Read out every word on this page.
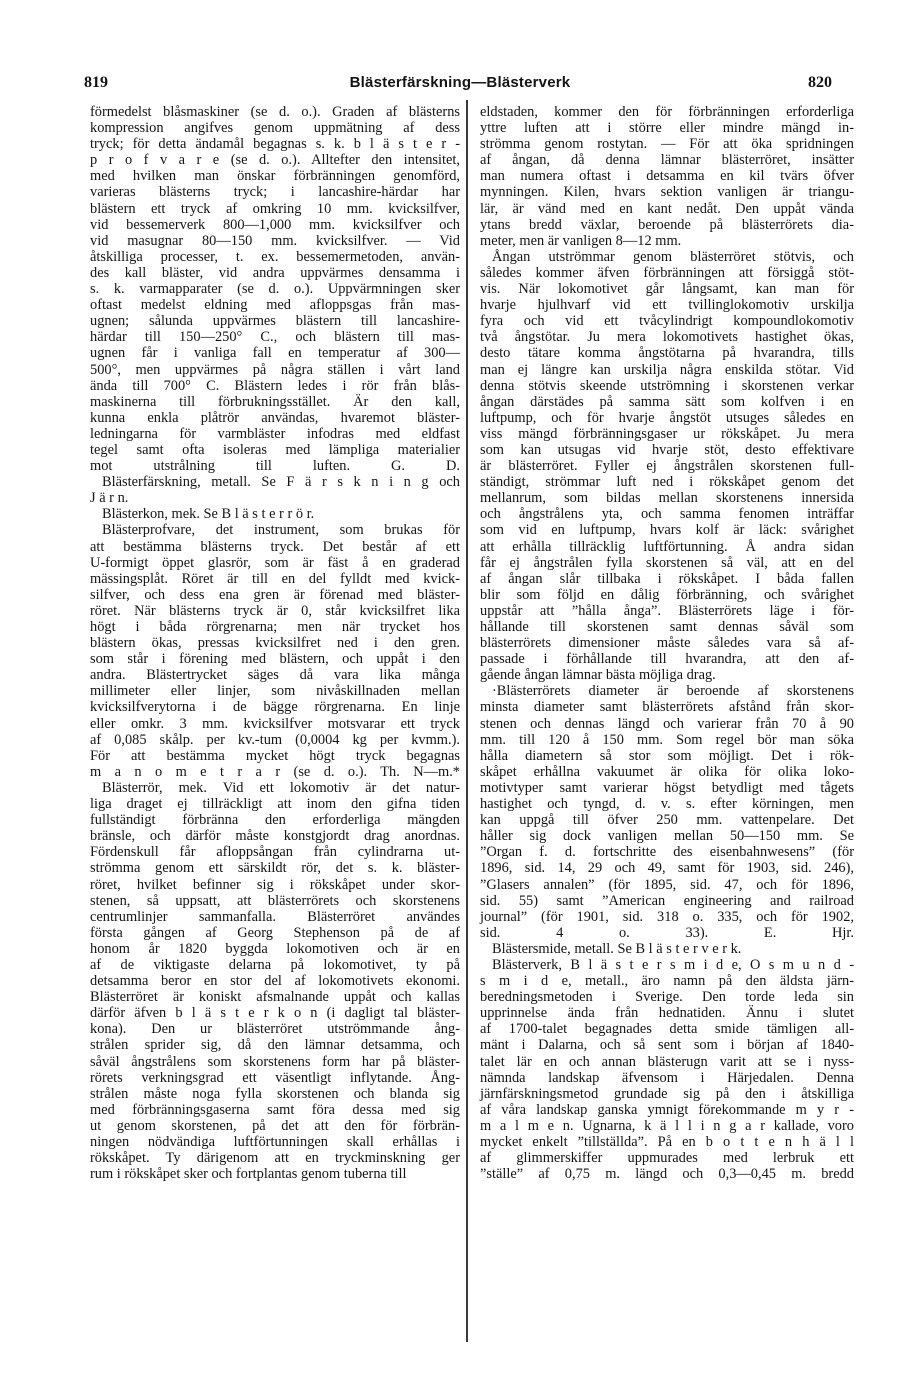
819	Blästerfärskning—Blästerverk	820
förmedelst blåsmaskiner (se d. o.). Graden af blästerns
kompression angifves genom uppmätning af dess
tryck; för detta ändamål begagnas s. k. b l ä s t e r -
p r o f v a r e (se d. o.). Alltefter den intensitet,
med hvilken man önskar förbränningen genomförd,
varieras blästerns tryck; i lancashire-härdar har
blästern ett tryck af omkring 10 mm. kvicksilfver,
vid bessemerverk 800—1,000 mm. kvicksilfver och
vid masugnar 80—150 mm. kvicksilfver. — Vid
åtskilliga processer, t. ex. bessemermetoden, använ-
des kall bläster, vid andra uppvärmes densamma i
s. k. varmapparater (se d. o.). Uppvärmningen sker
oftast medelst eldning med afloppsgas från mas-
ugnen; sålunda uppvärmes blästern till lancashire-
härdar till 150—250° C., och blästern till mas-
ugnen får i vanliga fall en temperatur af 300—
500°, men uppvärmes på några ställen i vårt land
ända till 700° C. Blästern ledes i rör från blås-
maskinerna till förbrukningsstället. Är den kall,
kunna enkla plåtrör användas, hvaremot bläster-
ledningarna för varmbläster infodras med eldfast
tegel samt ofta isoleras med lämpliga materialier
mot utstrålning till luften. G. D.
Blästerfärskning, metall. Se F ä r s k n i n g och
J ä r n.
Blästerkon, mek. Se B l ä s t e r r ö r.
Blästerprofvare, det instrument, som brukas för
att bestämma blästerns tryck. Det består af ett
U-formigt öppet glasrör, som är fäst å en graderad
mässingsplåt. Röret är till en del fylldt med kvick-
silfver, och dess ena gren är förenad med bläster-
röret. När blästerns tryck är 0, står kvicksilfret lika
högt i båda rörgrenarna; men när trycket hos
blästern ökas, pressas kvicksilfret ned i den gren.
som står i förening med blästern, och uppåt i den
andra. Blästertrycket säges då vara lika många
millimeter eller linjer, som nivåskillnaden mellan
kvicksilfverytorna i de bägge rörgrenarna. En linje
eller omkr. 3 mm. kvicksilfver motsvarar ett tryck
af 0,085 skålp. per kv.-tum (0,0004 kg per kvmm.).
För att bestämma mycket högt tryck begagnas
m a n o m e t r a r (se d. o.). Th. N—m.*
Blästerrör, mek. Vid ett lokomotiv är det natur-
liga draget ej tillräckligt att inom den gifna tiden
fullständigt förbränna den erforderliga mängden
bränsle, och därför måste konstgjordt drag anordnas.
Fördenskull får afloppsångan från cylindrarna ut-
strömma genom ett särskildt rör, det s. k. bläster-
röret, hvilket befinner sig i rökskåpet under skor-
stenen, så uppsatt, att blästerrörets och skorstenens
centrumlinjer sammanfalla. Blästerröret användes
första gången af Georg Stephenson på de af
honom år 1820 byggda lokomotiven och är en
af de viktigaste delarna på lokomotivet, ty på
detsamma beror en stor del af lokomotivets ekonomi.
Blästerröret är koniskt afsmalnande uppåt och kallas
därför äfven b l ä s t e r k o n (i dagligt tal bläster-
kona). Den ur blästerröret utströmmande ång-
strålen sprider sig, då den lämnar detsamma, och
såväl ångstrålens som skorstenens form har på bläster-
rörets verkningsgrad ett väsentligt inflytande. Ång-
strålen måste noga fylla skorstenen och blanda sig
med förbränningsgaserna samt föra dessa med sig
ut genom skorstenen, på det att den för förbrän-
ningen nödvändiga luftförtunningen skall erhållas i
rökskåpet. Ty därigenom att en tryckminskning ger
rum i rökskåpet sker och fortplantas genom tuberna till
eldstaden, kommer den för förbränningen erforderliga
yttre luften att i större eller mindre mängd in-
strömma genom rostytan. — För att öka spridningen
af ångan, då denna lämnar blästerröret, insätter
man numera oftast i detsamma en kil tvärs öfver
mynningen. Kilen, hvars sektion vanligen är triangu-
lär, är vänd med en kant nedåt. Den uppåt vända
ytans bredd växlar, beroende på blästerrörets dia-
meter, men är vanligen 8—12 mm.
Ångan utströmmar genom blästerröret stötvis, och
således kommer äfven förbränningen att försiggå stöt-
vis. När lokomotivet går långsamt, kan man för
hvarje hjulhvarf vid ett tvillinglokomotiv urskilja
fyra och vid ett tvåcylindrigt kompoundlokomotiv
två ångstötar. Ju mera lokomotivets hastighet ökas,
desto tätare komma ångstötarna på hvarandra, tills
man ej längre kan urskilja några enskilda stötar. Vid
denna stötvis skeende utströmning i skorstenen verkar
ångan därstädes på samma sätt som kolfven i en
luftpump, och för hvarje ångstöt utsuges således en
viss mängd förbränningsgaser ur rökskåpet. Ju mera
som kan utsugas vid hvarje stöt, desto effektivare
är blästerröret. Fyller ej ångstrålen skorstenen full-
ständigt, strömmar luft ned i rökskåpet genom det
mellanrum, som bildas mellan skorstenens innersida
och ångstrålens yta, och samma fenomen inträffar
som vid en luftpump, hvars kolf är läck: svårighet
att erhålla tillräcklig luftförtunning. Å andra sidan
får ej ångstrålen fylla skorstenen så väl, att en del
af ångan slår tillbaka i rökskåpet. I båda fallen
blir som följd en dålig förbränning, och svårighet
uppstår att ”hålla ånga”. Blästerrörets läge i för-
hållande till skorstenen samt dennas såväl som
blästerrörets dimensioner måste således vara så af-
passade i förhållande till hvarandra, att den af-
gående ångan lämnar bästa möjliga drag.
·Blästerrörets diameter är beroende af skorstenens
minsta diameter samt blästerrörets afstånd från skor-
stenen och dennas längd och varierar från 70 å 90
mm. till 120 å 150 mm. Som regel bör man söka
hålla diametern så stor som möjligt. Det i rök-
skåpet erhållna vakuumet är olika för olika loko-
motivtyper samt varierar högst betydligt med tågets
hastighet och tyngd, d. v. s. efter körningen, men
kan uppgå till öfver 250 mm. vattenpelare. Det
håller sig dock vanligen mellan 50—150 mm. Se
”Organ f. d. fortschritte des eisenbahnwesens” (för
1896, sid. 14, 29 och 49, samt för 1903, sid. 246),
”Glasers annalen” (för 1895, sid. 47, och för 1896,
sid. 55) samt ”American engineering and railroad
journal” (för 1901, sid. 318 o. 335, och för 1902,
sid. 4 o. 33). E. Hjr.
Blästersmide, metall. Se B l ä s t e r v e r k.
Blästerverk, B l ä s t e r s m i d e, O s m u n d -
s m i d e, metall., äro namn på den äldsta järn-
beredningsmetoden i Sverige. Den torde leda sin
upprinnelse ända från hednatiden. Ännu i slutet
af 1700-talet begagnades detta smide tämligen all-
mänt i Dalarna, och så sent som i början af 1840-
talet lär en och annan blästerugn varit att se i nyss-
nämnda landskap äfvensom i Härjedalen. Denna
järnfärskningsmetod grundade sig på den i åtskilliga
af våra landskap ganska ymnigt förekommande m y r -
m a l m e n. Ugnarna, k ä l l i n g a r kallade, voro
mycket enkelt ”tillställda”. På en b o t t e n h ä l l
af glimmerskiffer uppmurades med lerbruk ett
”ställe” af 0,75 m. längd och 0,3—0,45 m. bredd
